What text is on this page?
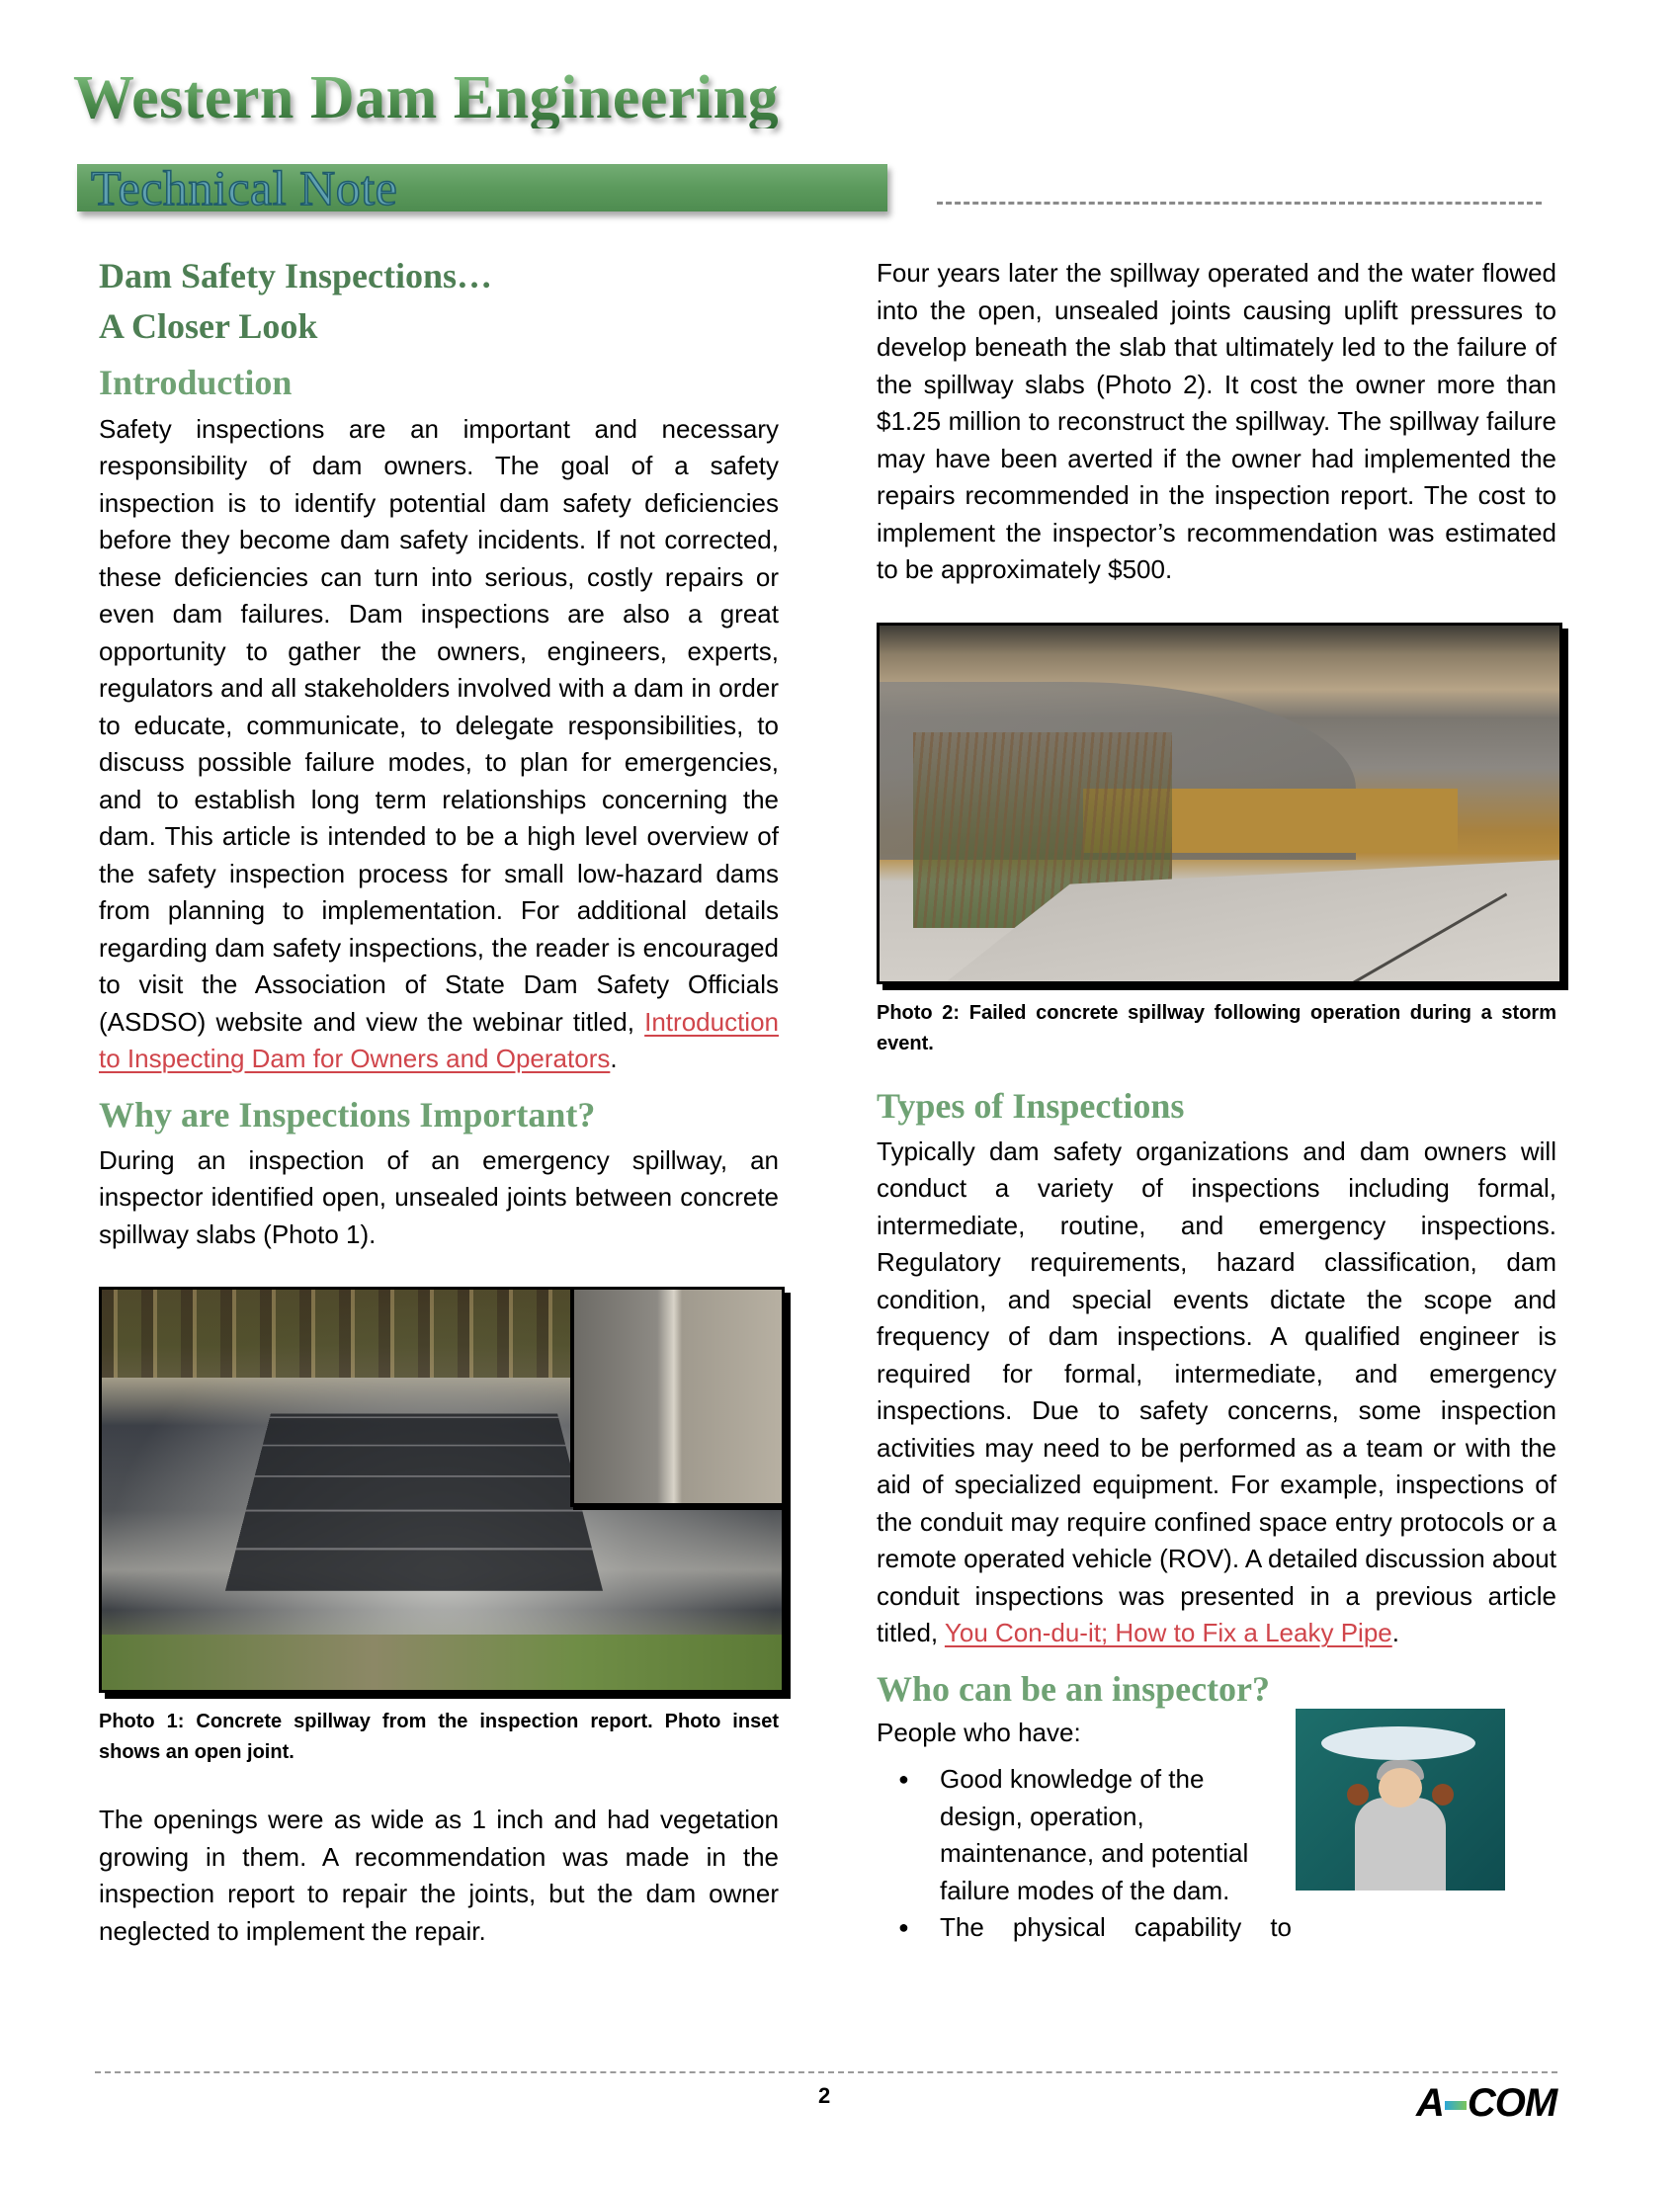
Western Dam Engineering
Technical Note
Dam Safety Inspections…
A Closer Look
Introduction

Safety inspections are an important and necessary responsibility of dam owners. The goal of a safety inspection is to identify potential dam safety deficiencies before they become dam safety incidents. If not corrected, these deficiencies can turn into serious, costly repairs or even dam failures. Dam inspections are also a great opportunity to gather the owners, engineers, experts, regulators and all stakeholders involved with a dam in order to educate, communicate, to delegate responsibilities, to discuss possible failure modes, to plan for emergencies, and to establish long term relationships concerning the dam. This article is intended to be a high level overview of the safety inspection process for small low-hazard dams from planning to implementation. For additional details regarding dam safety inspections, the reader is encouraged to visit the Association of State Dam Safety Officials (ASDSO) website and view the webinar titled, Introduction to Inspecting Dam for Owners and Operators.

Why are Inspections Important?

During an inspection of an emergency spillway, an inspector identified open, unsealed joints between concrete spillway slabs (Photo 1).

Photo 1: Concrete spillway from the inspection report. Photo inset shows an open joint.

The openings were as wide as 1 inch and had vegetation growing in them. A recommendation was made in the inspection report to repair the joints, but the dam owner neglected to implement the repair.

Four years later the spillway operated and the water flowed into the open, unsealed joints causing uplift pressures to develop beneath the slab that ultimately led to the failure of the spillway slabs (Photo 2). It cost the owner more than $1.25 million to reconstruct the spillway. The spillway failure may have been averted if the owner had implemented the repairs recommended in the inspection report. The cost to implement the inspector’s recommendation was estimated to be approximately $500.

Photo 2: Failed concrete spillway following operation during a storm event.

Types of Inspections

Typically dam safety organizations and dam owners will conduct a variety of inspections including formal, intermediate, routine, and emergency inspections. Regulatory requirements, hazard classification, dam condition, and special events dictate the scope and frequency of dam inspections. A qualified engineer is required for formal, intermediate, and emergency inspections. Due to safety concerns, some inspection activities may need to be performed as a team or with the aid of specialized equipment. For example, inspections of the conduit may require confined space entry protocols or a remote operated vehicle (ROV). A detailed discussion about conduit inspections was presented in a previous article titled, You Con-du-it; How to Fix a Leaky Pipe.

Who can be an inspector?

People who have:

● Good knowledge of the design, operation, maintenance, and potential failure modes of the dam.
● The physical capability to
2	A COM
